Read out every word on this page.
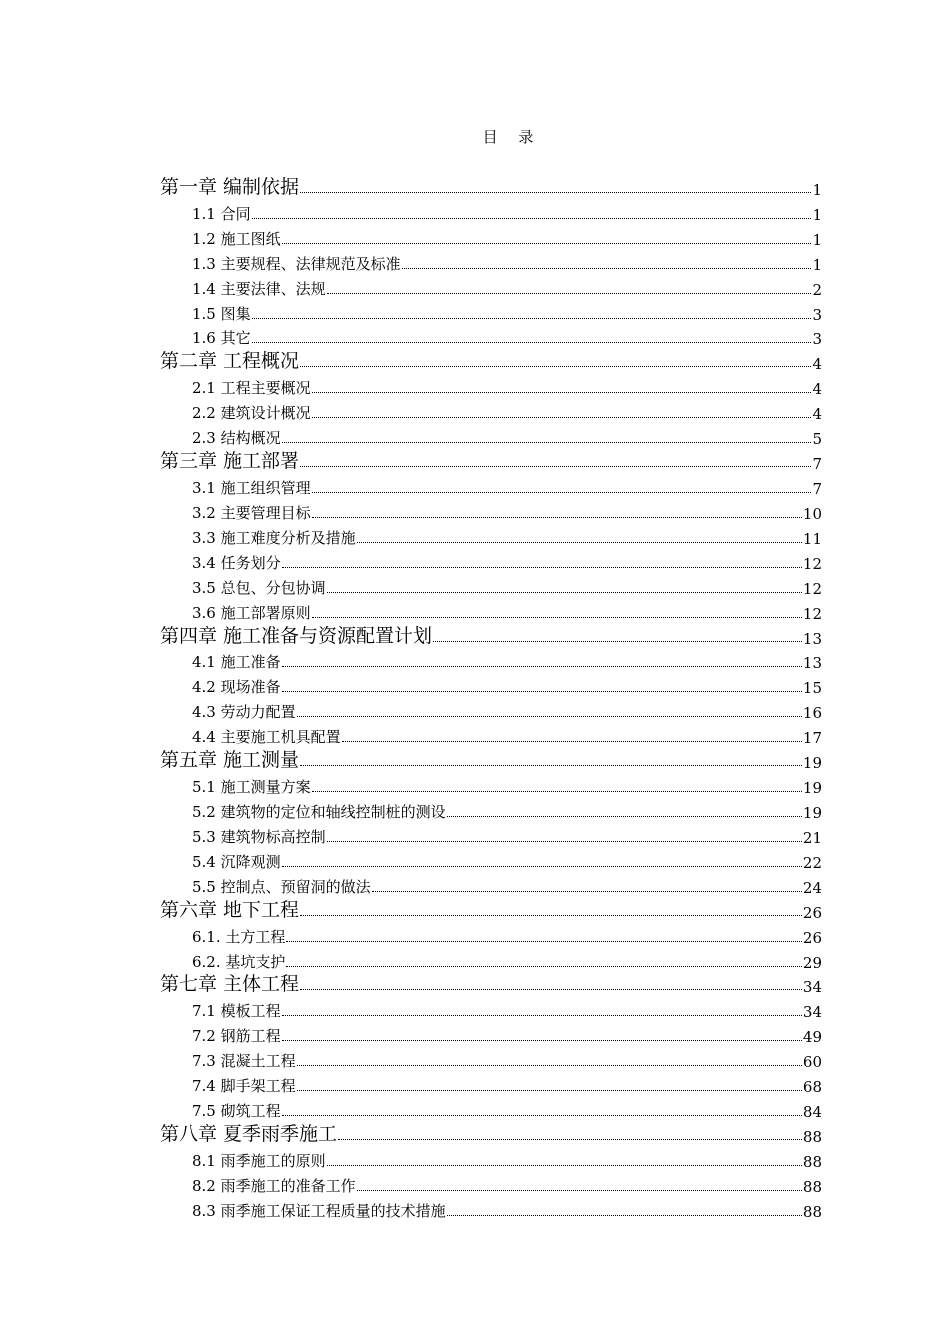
目 录
第一章 编制依据	1
1.1 合同	1
1.2 施工图纸	1
1.3 主要规程、法律规范及标准	1
1.4 主要法律、法规	2
1.5 图集	3
1.6 其它	3
第二章 工程概况	4
2.1 工程主要概况	4
2.2 建筑设计概况	4
2.3 结构概况	5
第三章 施工部署	7
3.1 施工组织管理	7
3.2 主要管理目标	10
3.3 施工难度分析及措施	11
3.4 任务划分	12
3.5 总包、分包协调	12
3.6 施工部署原则	12
第四章 施工准备与资源配置计划	13
4.1 施工准备	13
4.2 现场准备	15
4.3 劳动力配置	16
4.4 主要施工机具配置	17
第五章 施工测量	19
5.1 施工测量方案	19
5.2 建筑物的定位和轴线控制桩的测设	19
5.3 建筑物标高控制	21
5.4 沉降观测	22
5.5 控制点、预留洞的做法	24
第六章 地下工程	26
6.1. 土方工程	26
6.2. 基坑支护	29
第七章 主体工程	34
7.1 模板工程	34
7.2 钢筋工程	49
7.3 混凝土工程	60
7.4 脚手架工程	68
7.5 砌筑工程	84
第八章 夏季雨季施工	88
8.1 雨季施工的原则	88
8.2 雨季施工的准备工作	88
8.3 雨季施工保证工程质量的技术措施	88
